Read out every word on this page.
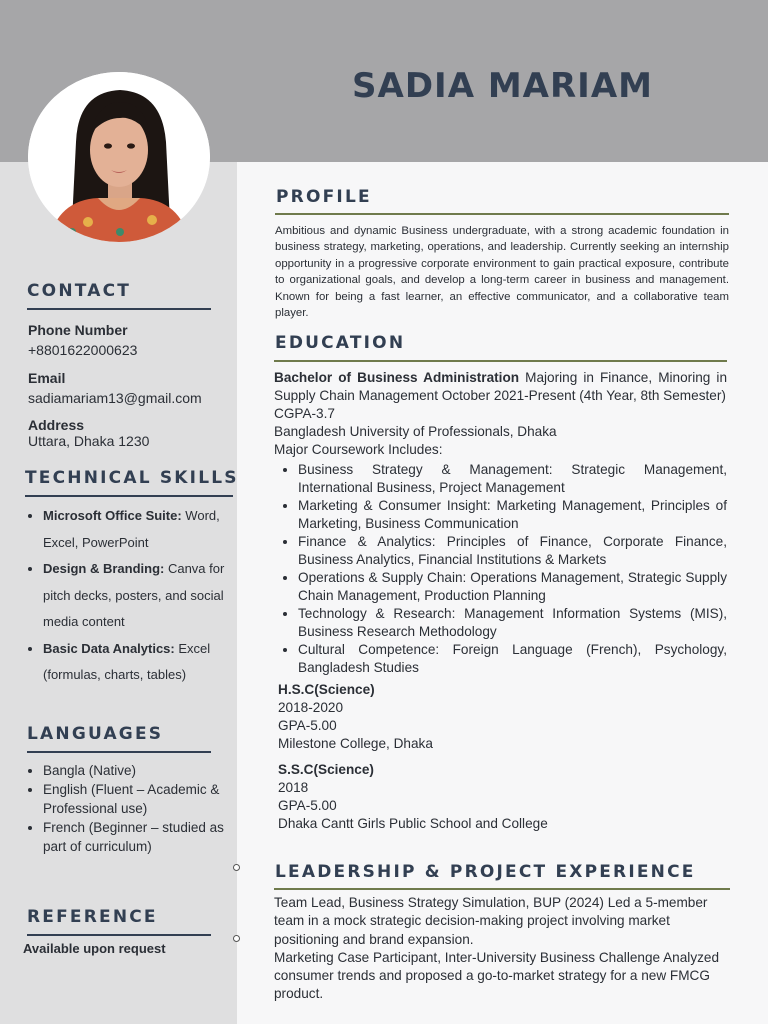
SADIA MARIAM
CONTACT
Phone Number
+8801622000623
Email
sadiamariam13@gmail.com
Address
Uttara, Dhaka 1230
TECHNICAL SKILLS
• Microsoft Office Suite: Word, Excel, PowerPoint
• Design & Branding: Canva for pitch decks, posters, and social media content
• Basic Data Analytics: Excel (formulas, charts, tables)
LANGUAGES
• Bangla (Native)
• English (Fluent – Academic & Professional use)
• French (Beginner – studied as part of curriculum)
REFERENCE
Available upon request
PROFILE

Ambitious and dynamic Business undergraduate, with a strong academic foundation in business strategy, marketing, operations, and leadership. Currently seeking an internship opportunity in a progressive corporate environment to gain practical exposure, contribute to organizational goals, and develop a long-term career in business and management. Known for being a fast learner, an effective communicator, and a collaborative team player.

EDUCATION

Bachelor of Business Administration Majoring in Finance, Minoring in Supply Chain Management October 2021-Present (4th Year, 8th Semester)

CGPA-3.7

Bangladesh University of Professionals, Dhaka

Major Coursework Includes:

• Business Strategy & Management: Strategic Management, International Business, Project Management
• Marketing & Consumer Insight: Marketing Management, Principles of Marketing, Business Communication
• Finance & Analytics: Principles of Finance, Corporate Finance, Business Analytics, Financial Institutions & Markets
• Operations & Supply Chain: Operations Management, Strategic Supply Chain Management, Production Planning
• Technology & Research: Management Information Systems (MIS), Business Research Methodology
• Cultural Competence: Foreign Language (French), Psychology, Bangladesh Studies

H.S.C(Science)

2018-2020

GPA-5.00

Milestone College, Dhaka

S.S.C(Science)

2018

GPA-5.00

Dhaka Cantt Girls Public School and College

LEADERSHIP & PROJECT EXPERIENCE

Team Lead, Business Strategy Simulation, BUP (2024) Led a 5-member team in a mock strategic decision-making project involving market positioning and brand expansion.

Marketing Case Participant, Inter-University Business Challenge Analyzed consumer trends and proposed a go-to-market strategy for a new FMCG product.
